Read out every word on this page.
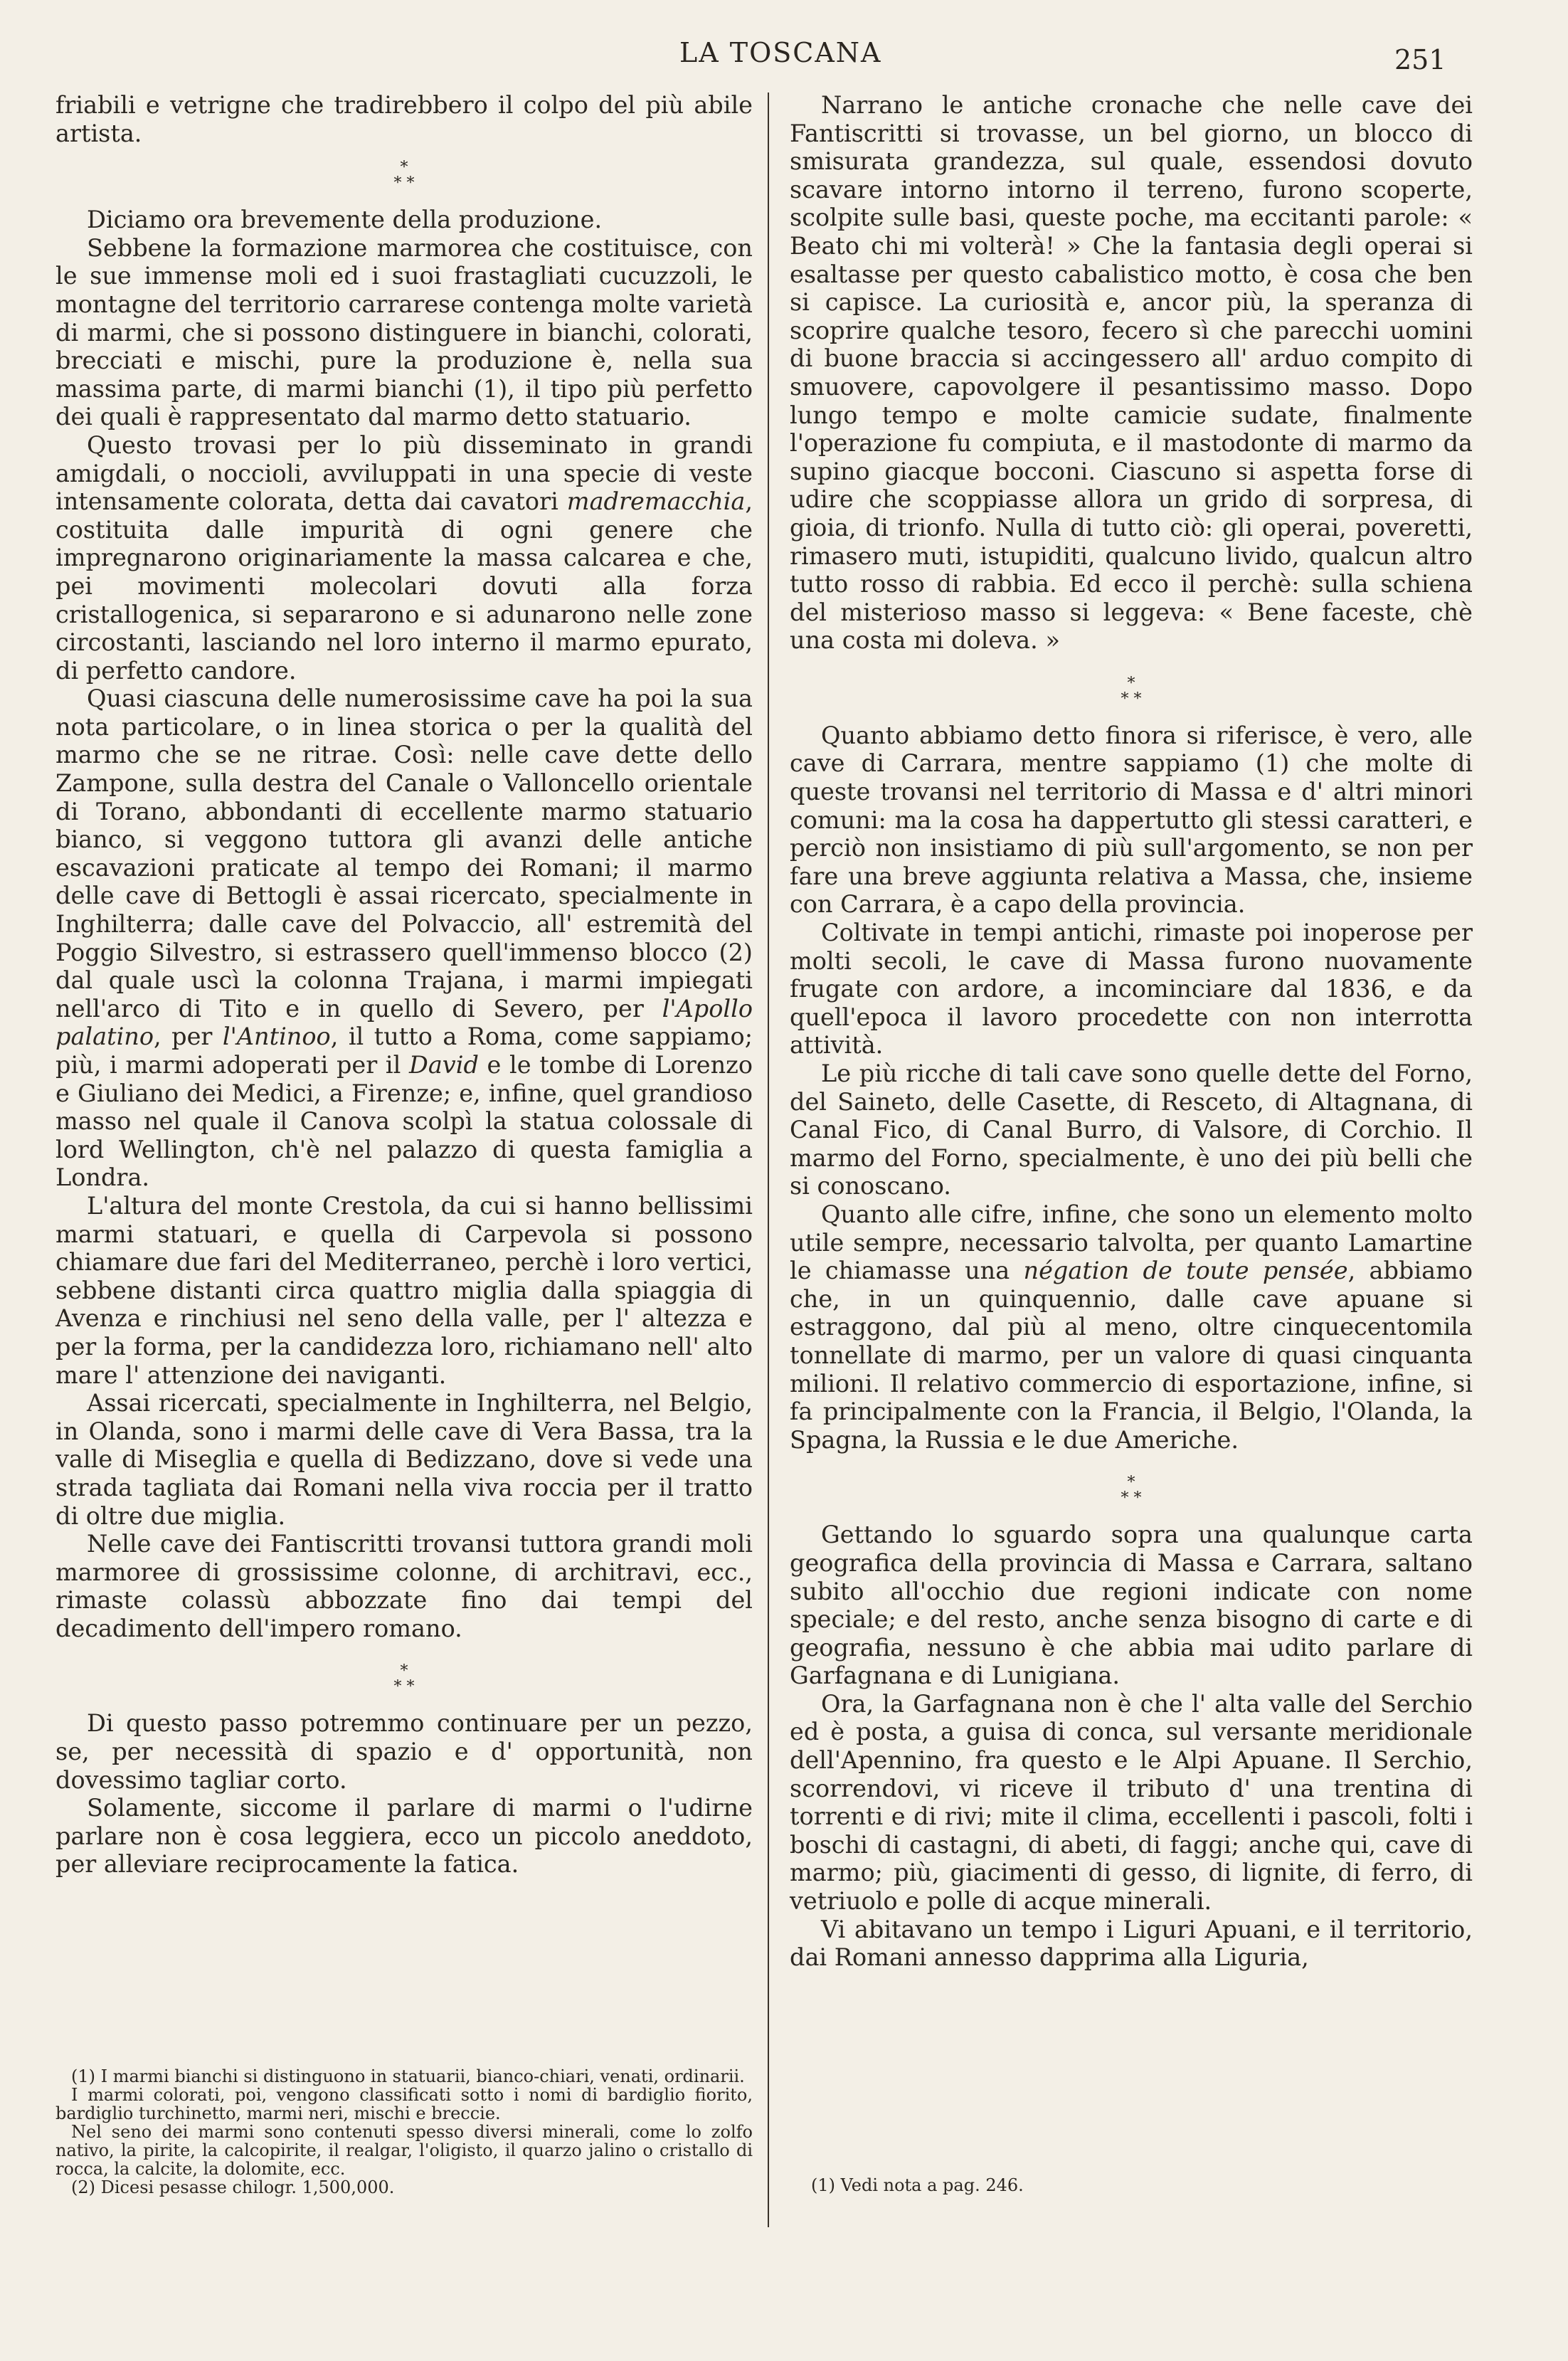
LA TOSCANA	251

friabili e vetrigne che tradirebbero il colpo del più abile artista.

*
* *

Diciamo ora brevemente della produzione.

Sebbene la formazione marmorea che costituisce, con le sue immense moli ed i suoi frastagliati cucuzzoli, le montagne del territorio carrarese contenga molte varietà di marmi, che si possono distinguere in bianchi, colorati, brecciati e mischi, pure la produzione è, nella sua massima parte, di marmi bianchi (1), il tipo più perfetto dei quali è rappresentato dal marmo detto statuario.

Questo trovasi per lo più disseminato in grandi amigdali, o noccioli, avviluppati in una specie di veste intensamente colorata, detta dai cavatori madremacchia, costituita dalle impurità di ogni genere che impregnarono originariamente la massa calcarea e che, pei movimenti molecolari dovuti alla forza cristallogenica, si separarono e si adunarono nelle zone circostanti, lasciando nel loro interno il marmo epurato, di perfetto candore.

Quasi ciascuna delle numerosissime cave ha poi la sua nota particolare, o in linea storica o per la qualità del marmo che se ne ritrae. Così: nelle cave dette dello Zampone, sulla destra del Canale o Valloncello orientale di Torano, abbondanti di eccellente marmo statuario bianco, si veggono tuttora gli avanzi delle antiche escavazioni praticate al tempo dei Romani; il marmo delle cave di Bettogli è assai ricercato, specialmente in Inghilterra; dalle cave del Polvaccio, all' estremità del Poggio Silvestro, si estrassero quell'immenso blocco (2) dal quale uscì la colonna Trajana, i marmi impiegati nell'arco di Tito e in quello di Severo, per l'Apollo palatino, per l'Antinoo, il tutto a Roma, come sappiamo; più, i marmi adoperati per il David e le tombe di Lorenzo e Giuliano dei Medici, a Firenze; e, infine, quel grandioso masso nel quale il Canova scolpì la statua colossale di lord Wellington, ch'è nel palazzo di questa famiglia a Londra.

L'altura del monte Crestola, da cui si hanno bellissimi marmi statuari, e quella di Carpevola si possono chiamare due fari del Mediterraneo, perchè i loro vertici, sebbene distanti circa quattro miglia dalla spiaggia di Avenza e rinchiusi nel seno della valle, per l' altezza e per la forma, per la candidezza loro, richiamano nell' alto mare l' attenzione dei naviganti.

Assai ricercati, specialmente in Inghilterra, nel Belgio, in Olanda, sono i marmi delle cave di Vera Bassa, tra la valle di Miseglia e quella di Bedizzano, dove si vede una strada tagliata dai Romani nella viva roccia per il tratto di oltre due miglia.

Nelle cave dei Fantiscritti trovansi tuttora grandi moli marmoree di grossissime colonne, di architravi, ecc., rimaste colassù abbozzate fino dai tempi del decadimento dell'impero romano.

*
* *

Di questo passo potremmo continuare per un pezzo, se, per necessità di spazio e d' opportunità, non dovessimo tagliar corto.

Solamente, siccome il parlare di marmi o l'udirne parlare non è cosa leggiera, ecco un piccolo aneddoto, per alleviare reciprocamente la fatica.

Narrano le antiche cronache che nelle cave dei Fantiscritti si trovasse, un bel giorno, un blocco di smisurata grandezza, sul quale, essendosi dovuto scavare intorno intorno il terreno, furono scoperte, scolpite sulle basi, queste poche, ma eccitanti parole: « Beato chi mi volterà! » Che la fantasia degli operai si esaltasse per questo cabalistico motto, è cosa che ben si capisce. La curiosità e, ancor più, la speranza di scoprire qualche tesoro, fecero sì che parecchi uomini di buone braccia si accingessero all' arduo compito di smuovere, capovolgere il pesantissimo masso. Dopo lungo tempo e molte camicie sudate, finalmente l'operazione fu compiuta, e il mastodonte di marmo da supino giacque bocconi. Ciascuno si aspetta forse di udire che scoppiasse allora un grido di sorpresa, di gioia, di trionfo. Nulla di tutto ciò: gli operai, poveretti, rimasero muti, istupiditi, qualcuno livido, qualcun altro tutto rosso di rabbia. Ed ecco il perchè: sulla schiena del misterioso masso si leggeva: « Bene faceste, chè una costa mi doleva. »

*
* *

Quanto abbiamo detto finora si riferisce, è vero, alle cave di Carrara, mentre sappiamo (1) che molte di queste trovansi nel territorio di Massa e d' altri minori comuni: ma la cosa ha dappertutto gli stessi caratteri, e perciò non insistiamo di più sull'argomento, se non per fare una breve aggiunta relativa a Massa, che, insieme con Carrara, è a capo della provincia.

Coltivate in tempi antichi, rimaste poi inoperose per molti secoli, le cave di Massa furono nuovamente frugate con ardore, a incominciare dal 1836, e da quell'epoca il lavoro procedette con non interrotta attività.

Le più ricche di tali cave sono quelle dette del Forno, del Saineto, delle Casette, di Resceto, di Altagnana, di Canal Fico, di Canal Burro, di Valsore, di Corchio. Il marmo del Forno, specialmente, è uno dei più belli che si conoscano.

Quanto alle cifre, infine, che sono un elemento molto utile sempre, necessario talvolta, per quanto Lamartine le chiamasse una négation de toute pensée, abbiamo che, in un quinquennio, dalle cave apuane si estraggono, dal più al meno, oltre cinquecentomila tonnellate di marmo, per un valore di quasi cinquanta milioni. Il relativo commercio di esportazione, infine, si fa principalmente con la Francia, il Belgio, l'Olanda, la Spagna, la Russia e le due Americhe.

*
* *

Gettando lo sguardo sopra una qualunque carta geografica della provincia di Massa e Carrara, saltano subito all'occhio due regioni indicate con nome speciale; e del resto, anche senza bisogno di carte e di geografia, nessuno è che abbia mai udito parlare di Garfagnana e di Lunigiana.

Ora, la Garfagnana non è che l' alta valle del Serchio ed è posta, a guisa di conca, sul versante meridionale dell'Apennino, fra questo e le Alpi Apuane. Il Serchio, scorrendovi, vi riceve il tributo d' una trentina di torrenti e di rivi; mite il clima, eccellenti i pascoli, folti i boschi di castagni, di abeti, di faggi; anche qui, cave di marmo; più, giacimenti di gesso, di lignite, di ferro, di vetriuolo e polle di acque minerali.

Vi abitavano un tempo i Liguri Apuani, e il territorio, dai Romani annesso dapprima alla Liguria,

(1) I marmi bianchi si distinguono in statuarii, bianco-chiari, venati, ordinarii.

I marmi colorati, poi, vengono classificati sotto i nomi di bardiglio fiorito, bardiglio turchinetto, marmi neri, mischi e breccie.

Nel seno dei marmi sono contenuti spesso diversi minerali, come lo zolfo nativo, la pirite, la calcopirite, il realgar, l'oligisto, il quarzo jalino o cristallo di rocca, la calcite, la dolomite, ecc.

(2) Dicesi pesasse chilogr. 1,500,000.	(1) Vedi nota a pag. 246.
